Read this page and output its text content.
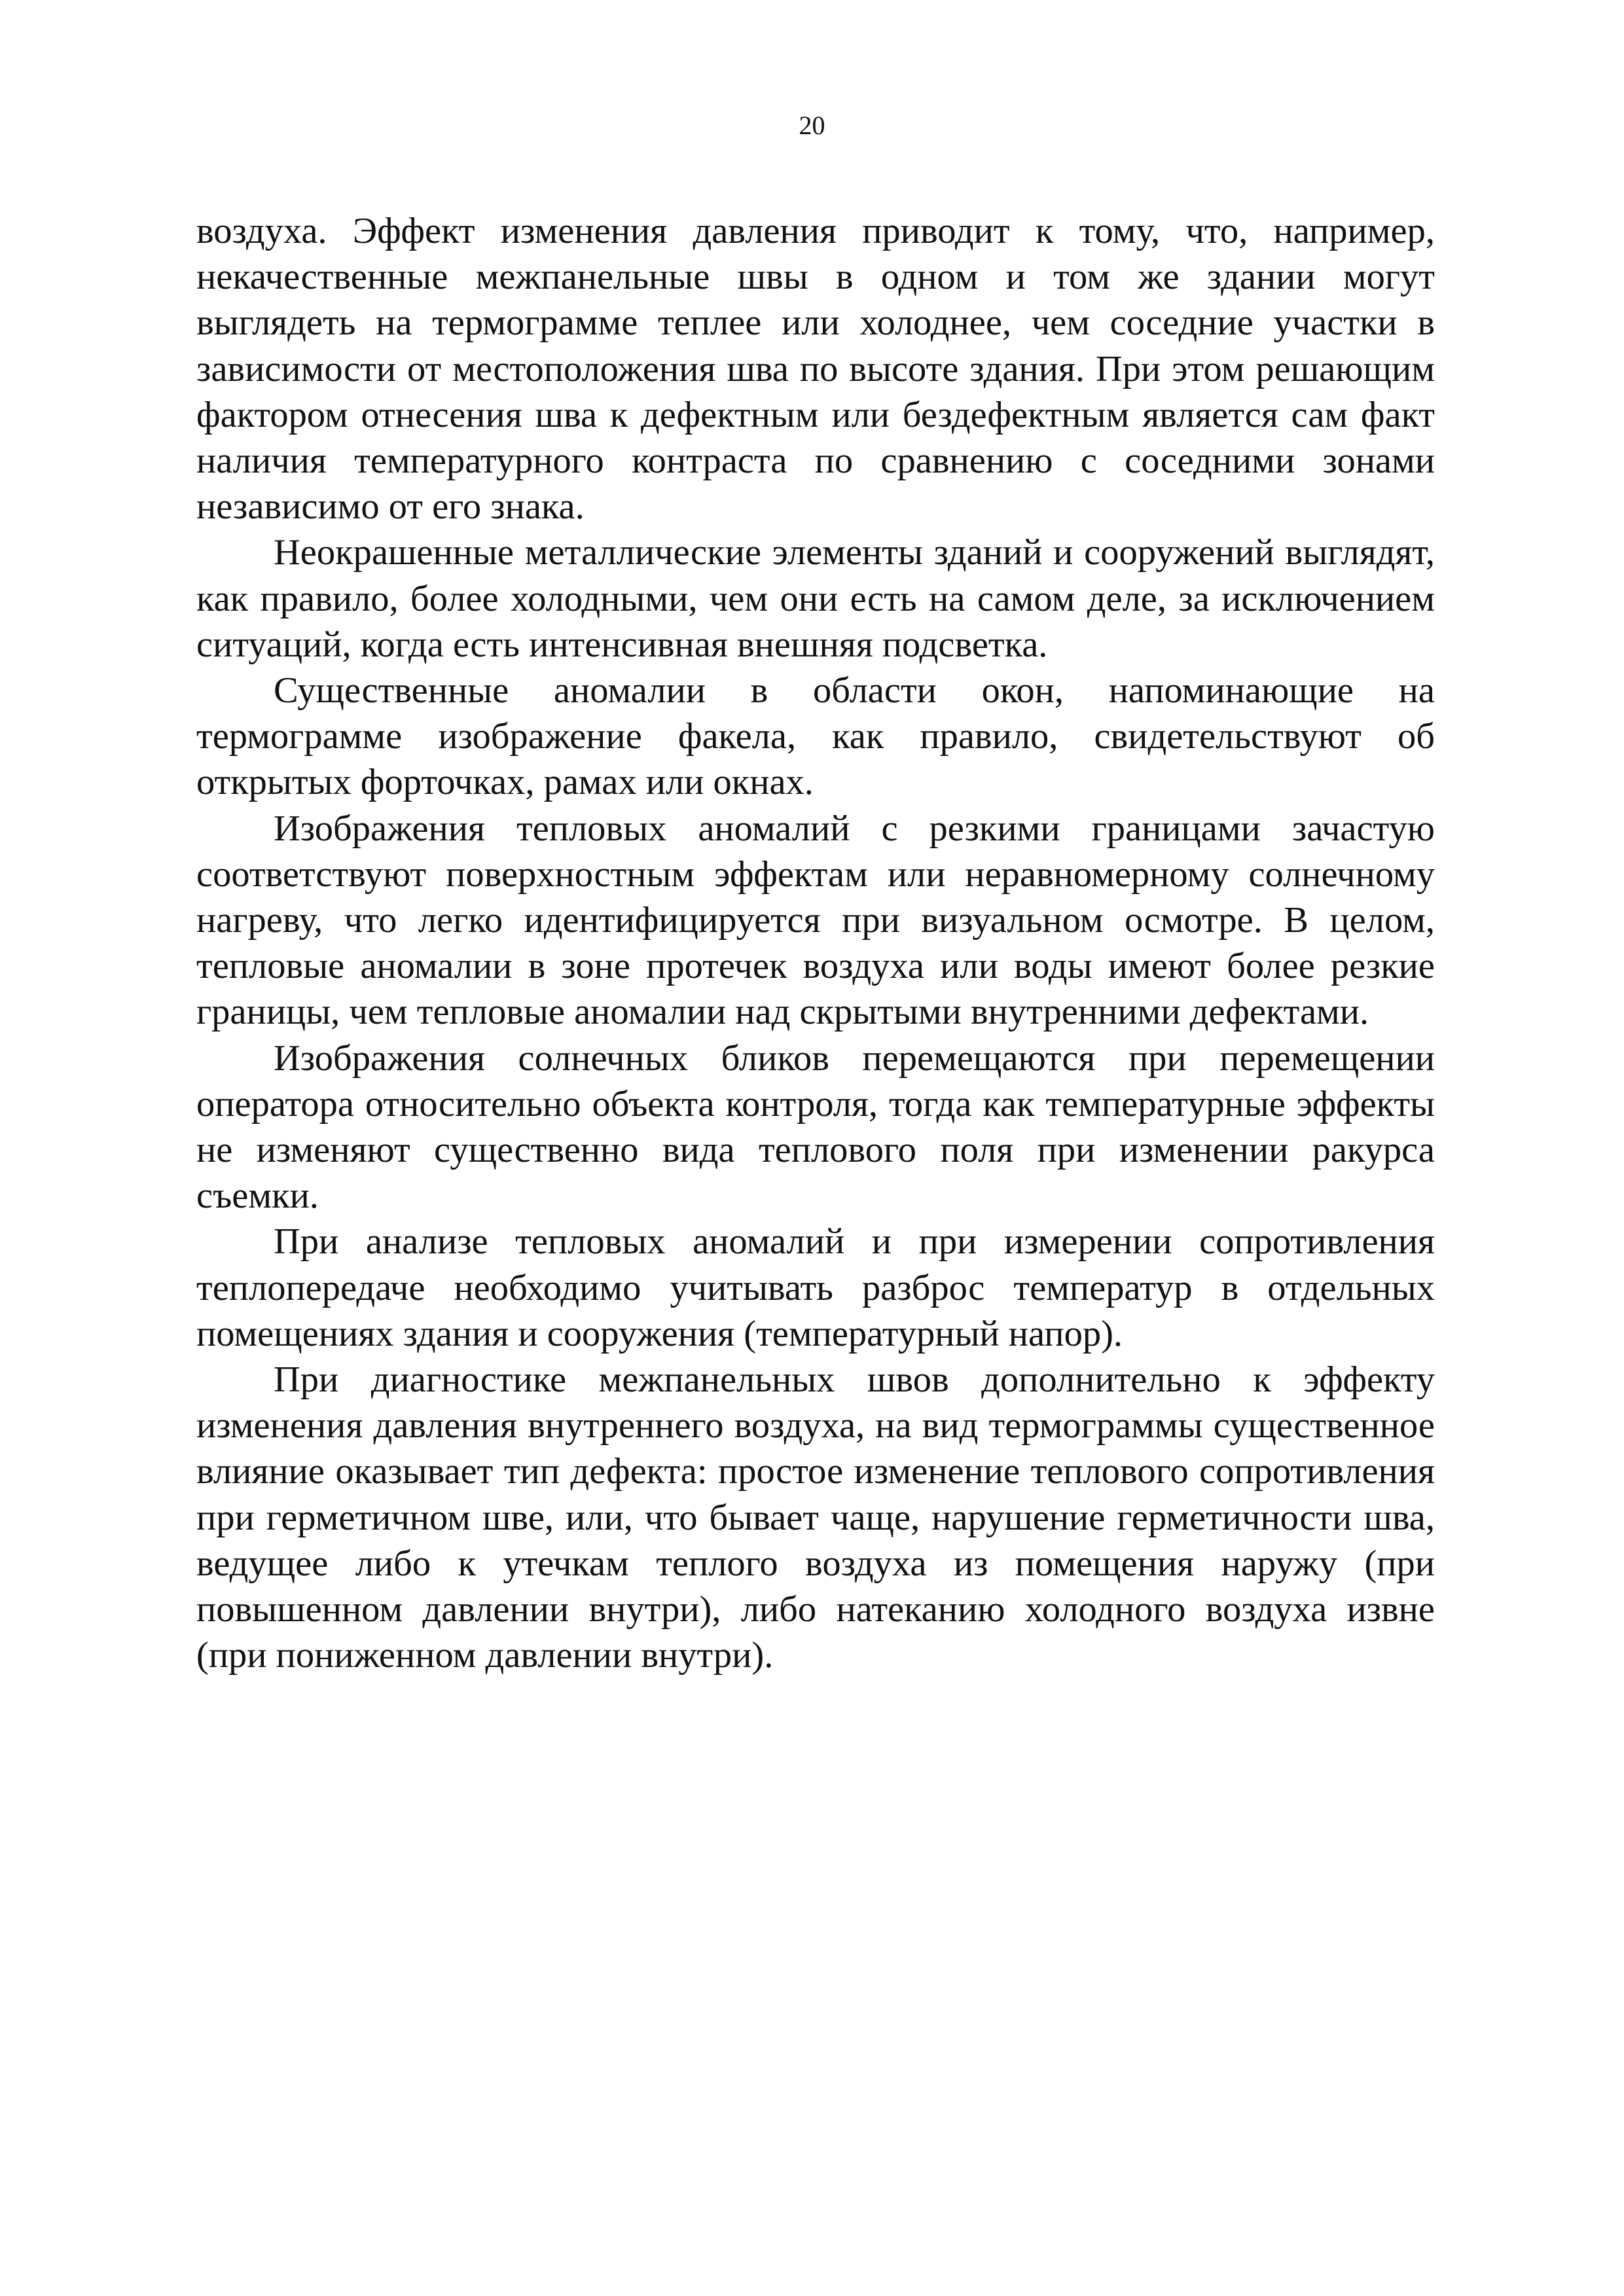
20

воздуха. Эффект изменения давления приводит к тому, что, например, некачественные межпанельные швы в одном и том же здании могут выглядеть на термограмме теплее или холоднее, чем соседние участки в зависимости от местоположения шва по высоте здания. При этом решающим фактором отнесения шва к дефектным или бездефектным является сам факт наличия температурного контраста по сравнению с соседними зонами независимо от его знака.

Неокрашенные металлические элементы зданий и сооружений выглядят, как правило, более холодными, чем они есть на самом деле, за исключением ситуаций, когда есть интенсивная внешняя подсветка.

Существенные аномалии в области окон, напоминающие на термограмме изображение факела, как правило, свидетельствуют об открытых форточках, рамах или окнах.

Изображения тепловых аномалий с резкими границами зачастую соответствуют поверхностным эффектам или неравномерному солнечному нагреву, что легко идентифицируется при визуальном осмотре. В целом, тепловые аномалии в зоне протечек воздуха или воды имеют более резкие границы, чем тепловые аномалии над скрытыми внутренними дефектами.

Изображения солнечных бликов перемещаются при перемещении оператора относительно объекта контроля, тогда как температурные эффекты не изменяют существенно вида теплового поля при изменении ракурса съемки.

При анализе тепловых аномалий и при измерении сопротивления теплопередаче необходимо учитывать разброс температур в отдельных помещениях здания и сооружения (температурный напор).

При диагностике межпанельных швов дополнительно к эффекту изменения давления внутреннего воздуха, на вид термограммы существенное влияние оказывает тип дефекта: простое изменение теплового сопротивления при герметичном шве, или, что бывает чаще, нарушение герметичности шва, ведущее либо к утечкам теплого воздуха из помещения наружу (при повышенном давлении внутри), либо натеканию холодного воздуха извне (при пониженном давлении внутри).
